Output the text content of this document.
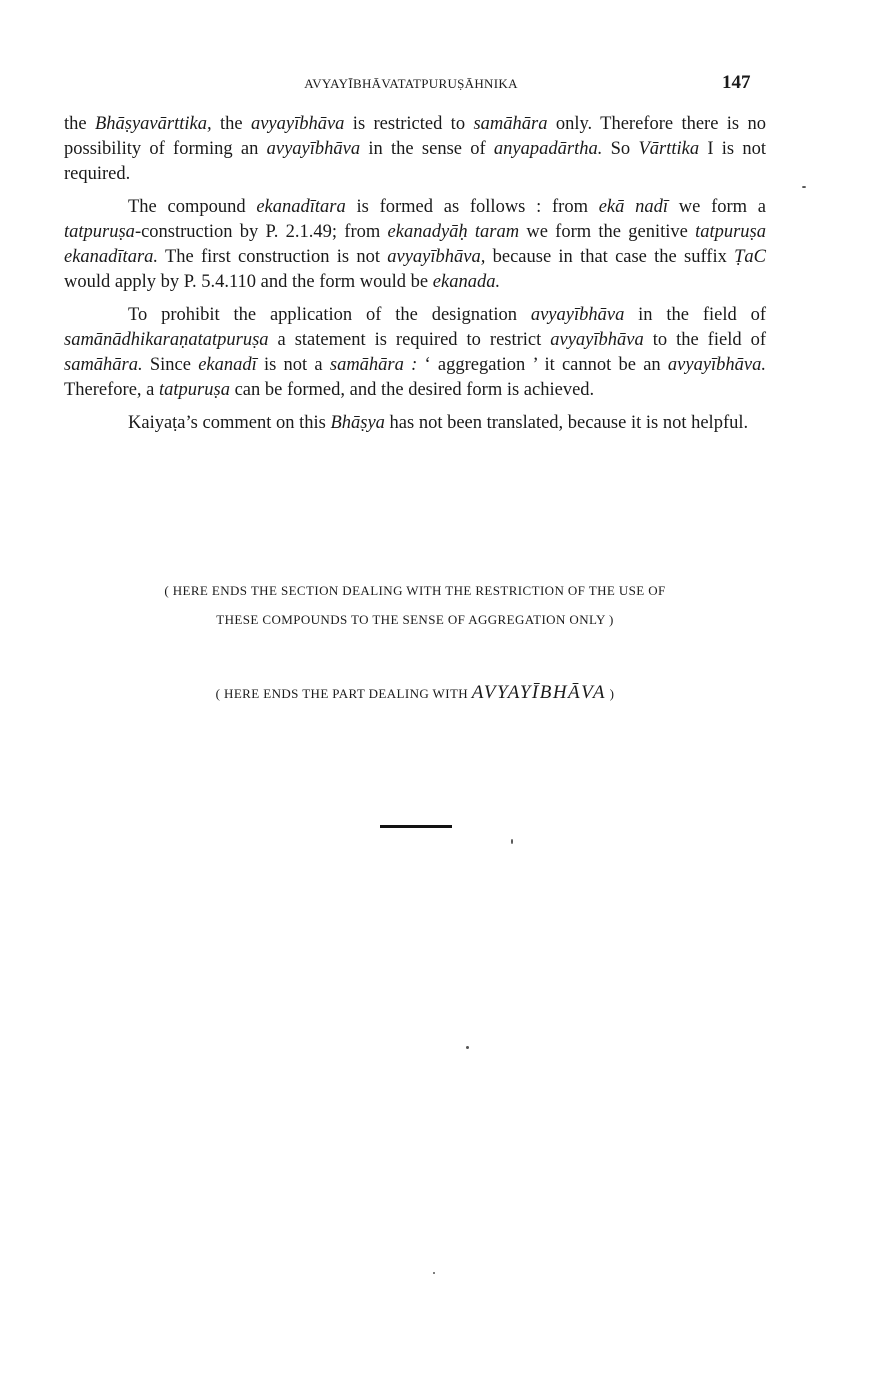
AVYAYĪBHĀVATATPURUṢĀHNIKA	147

the Bhāṣyavārttika, the avyayībhāva is restricted to samāhāra only. Therefore there is no possibility of forming an avyayībhāva in the sense of anyapadārtha. So Vārttika I is not required.

The compound ekanadītara is formed as follows : from ekā nadī we form a tatpuruṣa-construction by P. 2.1.49; from ekanadyāḥ taram we form the genitive tatpuruṣa ekanadītara. The first construction is not avyayībhāva, because in that case the suffix ṬaC would apply by P. 5.4.110 and the form would be ekanada.

To prohibit the application of the designation avyayībhāva in the field of samānādhikaraṇatatpuruṣa a statement is required to restrict avyayībhāva to the field of samāhāra. Since ekanadī is not a samāhāra : ‘ aggregation ’ it cannot be an avyayībhāva. Therefore, a tatpuruṣa can be formed, and the desired form is achieved.

Kaiyaṭa’s comment on this Bhāṣya has not been translated, because it is not helpful.

( HERE ENDS THE SECTION DEALING WITH THE RESTRICTION OF THE USE OF
THESE COMPOUNDS TO THE SENSE OF AGGREGATION ONLY )
( HERE ENDS THE PART DEALING WITH AVYAYĪBHĀVA )
